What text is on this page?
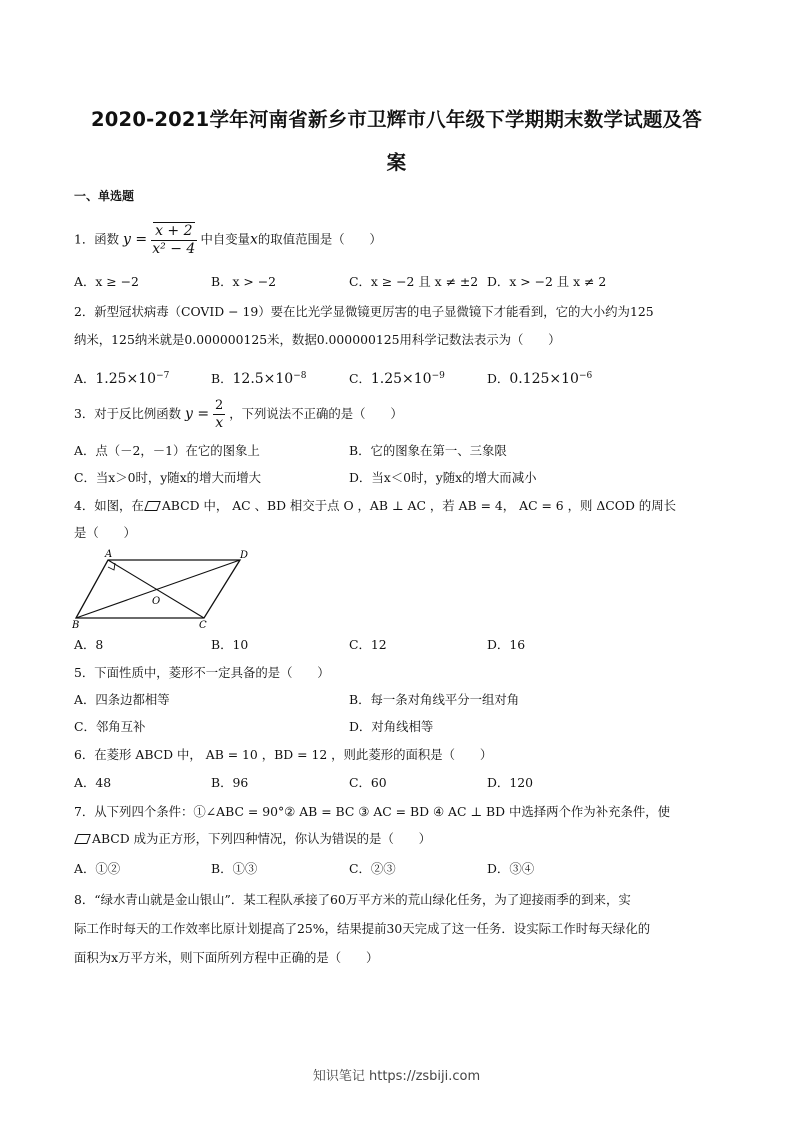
2020-2021学年河南省新乡市卫辉市八年级下学期期末数学试题及答
案
一、单选题
1．函数 $y = \frac{x + 2}{\text{x² − 4}}$ 中自变量x的取值范围是（　　）
A．x ≥ −2	B．x > −2	C．x ≥ −2 且 x ≠ ±2 D．x > −2 且 x ≠ 2
2．新型冠状病毒（COVID − 19）要在比光学显微镜更厉害的电子显微镜下才能看到，它的大小约为125
纳米，125纳米就是0.000000125米，数据0.000000125用科学记数法表示为（　　）
A．$1.25\times 10^{-7}$	B．$12.5\times 10^{-8}$	C．$1.25\times 10^{-9}$	D．$0.125\times 10^{-6}$
3．对于反比例函数 $y = \frac{2}{x}$ ，下列说法不正确的是（　　）
A．点（－2，－1）在它的图象上	B．它的图象在第一、三象限
C．当x＞0时，y随x的增大而增大	D．当x＜0时，y随x的增大而减小
4．如图，在 ABCD 中， AC 、BD 相交于点 O ，AB ⊥ AC ，若 AB = 4， AC = 6 ，则 ΔCOD 的周长
是（　　）
A	D
B	C
O
A．8	B．10	C．12	D．16
5．下面性质中，菱形不一定具备的是（　　）
A．四条边都相等	B．每一条对角线平分一组对角
C．邻角互补	D．对角线相等
6．在菱形 ABCD 中， AB = 10 ，BD = 12 ，则此菱形的面积是（　　）
A．48	B．96	C．60	D．120
7．从下列四个条件：①∠ABC = 90°② AB = BC ③ AC = BD ④ AC ⊥ BD 中选择两个作为补充条件，使
ABCD 成为正方形，下列四种情况，你认为错误的是（　　）
A．①②	B．①③	C．②③	D．③④
8．“绿水青山就是金山银山”．某工程队承接了60万平方米的荒山绿化任务，为了迎接雨季的到来，实
际工作时每天的工作效率比原计划提高了25%，结果提前30天完成了这一任务．设实际工作时每天绿化的
面积为x万平方米，则下面所列方程中正确的是（　　）
知识笔记 https://zsbiji.com
